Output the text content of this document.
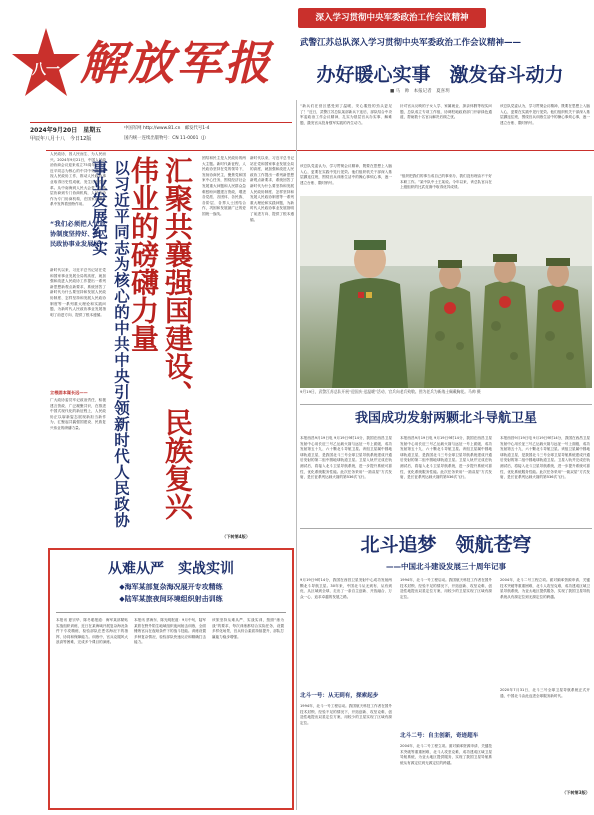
八一 解放军报
2024年9月20日　星期五
甲辰年八月十八　今日12版
中国军网 http://www.81.cn　邮发代号1-4
国内统一连续出版物号：CN 11-0001（J）
深入学习贯彻中央军委政治工作会议精神
武警江苏总队深入学习贯彻中央军委政治工作会议精神——
办好暖心实事　激发奋斗动力
■ 马　帅　本报记者　夏喜玥
人民政协，因人民而生、为人民而兴。2024年9月21日，中国人民政治协商会议迎来成立75周年，以习近平同志为核心的中共中央高度重视人民政协工作，推动人民政协事业取得历史性成就、发生历史性变革。从中南海到人民大会堂，从基层协商到专门协商机构，人民政协作为专门协商机构，在国家治理体系中发挥着独特作用。
“我们必须把人民政协制度坚持好、把人民政协事业发展好”
新时代以来，习近平总书记站在党和国家事业发展全局的高度，就加强和改进人民政协工作提出一系列新思想新观点新要求，系统回答了新时代为什么要坚持和发展人民政协制度、怎样坚持和发展人民政协制度等一系列重大理论和实践问题，为新时代人民政协事业发展指明了前进方向、提供了根本遵循。
立根固本谋长远——
广大政协委员牢记政治责任，积极建言资政、广泛凝聚共识，在推进中国式现代化的新征程上，人民政协正以崭新姿态展现新担当新作为，汇聚起共襄强国建设、民族复兴伟业的磅礴力量。	以习近平同志为核心的中共中央引领新时代人民政协事业发展纪实	汇聚共襄强国建设、民族复兴伟业的磅礴力量	团结和民主是人民政协的两大主题。新时代新征程，人民政协坚持在党的领导下，发扬协商民主，聚焦党和国家中心任务，围绕经济社会发展重大问题和人民群众急难愁盼问题建言资政，增进各党派、各团体、各民族、各阶层、各界人士团结合作，巩固和发展最广泛的爱国统一战线。
新时代以来，习近平总书记站在党和国家事业发展全局的高度，就加强和改进人民政协工作提出一系列新思想新观点新要求，系统回答了新时代为什么要坚持和发展人民政协制度、怎样坚持和发展人民政协制度等一系列重大理论和实践问题，为新时代人民政协事业发展指明了前进方向、提供了根本遵循。
（下转第4版）
“新兵们在营区感受到了温暖，安心服役的劲头更足了！”近日，武警江苏总队某部新兵下连后，部队结合中央军委政治工作会议精神，扎实为基层官兵办实事、解难题，激发官兵投身强军实践的内生动力。
该总队党委认为，学习贯彻会议精神，既要在思想上入脑入心，更要在实践中见行见效。他们组织机关干部深入基层蹲连住班，围绕官兵训练生活中的操心事烦心事，逐一建立台账、限时销号。
针对官兵反映的子女入学、家属就业、探亲休假等现实问题，总队成立专项工作组，协调驻地政府部门开辟绿色通道，帮助数十名官兵解决后顾之忧。
“组织把我们的事当成自己的事来办，我们没有理由不干好本职工作。”某中队中士王某说。今年以来，该总队官兵在上级组织的比武竞赛中取得优异成绩。
该总队党委认为，学习贯彻会议精神，既要在思想上入脑入心，更要在实践中见行见效。他们组织机关干部深入基层蹲连住班，围绕官兵训练生活中的操心事烦心事，逐一建立台账、限时销号。
9月19日，武警江苏总队开展“迎国庆·送温暖”活动，官兵向老兵致敬。图为老兵为新战士佩戴胸花。马帅 摄
我国成功发射两颗北斗导航卫星
本报西昌9月19日电 9月19日9时14分，我国在西昌卫星发射中心用长征三号乙运载火箭与远征一号上面级，成功发射第五十九、六十颗北斗导航卫星。该组卫星属中圆地球轨道卫星，是我国北斗三号全球卫星导航系统建成开通后发射的第二组中圆地球轨道卫星。卫星入轨并完成在轨测试后，将接入北斗卫星导航系统，进一步提升系统可靠性，优化系统服务性能。此次任务采用“一箭双星”方式发射，是长征系列运载火箭的第536次飞行。
本报西昌9月19日电 9月19日9时14分，我国在西昌卫星发射中心用长征三号乙运载火箭与远征一号上面级，成功发射第五十九、六十颗北斗导航卫星。该组卫星属中圆地球轨道卫星，是我国北斗三号全球卫星导航系统建成开通后发射的第二组中圆地球轨道卫星。卫星入轨并完成在轨测试后，将接入北斗卫星导航系统，进一步提升系统可靠性，优化系统服务性能。此次任务采用“一箭双星”方式发射，是长征系列运载火箭的第536次飞行。
本报西昌9月19日电 9月19日9时14分，我国在西昌卫星发射中心用长征三号乙运载火箭与远征一号上面级，成功发射第五十九、六十颗北斗导航卫星。该组卫星属中圆地球轨道卫星，是我国北斗三号全球卫星导航系统建成开通后发射的第二组中圆地球轨道卫星。卫星入轨并完成在轨测试后，将接入北斗卫星导航系统，进一步提升系统可靠性，优化系统服务性能。此次任务采用“一箭双星”方式发射，是长征系列运载火箭的第536次飞行。
北斗追梦　领航苍穹
——中国北斗建设发展三十周年记事
9月19日9时14分，我国在西昌卫星发射中心成功发射两颗北斗导航卫星。30年来，中国北斗从无到有、从有到优、从区域到全球，走出了一条自主创新、开放融合、万众一心、追求卓越的发展之路。
北斗一号：从无到有，探索起步
1994年，北斗一号工程启动。我国航天科技工作者在国外技术封锁、经验不足的情况下，开拓创新、攻坚克难，创造性地提出双星定位方案，用较少的卫星实现了区域有源定位。
1994年，北斗一号工程启动。我国航天科技工作者在国外技术封锁、经验不足的情况下，开拓创新、攻坚克难，创造性地提出双星定位方案，用较少的卫星实现了区域有源定位。
北斗二号：自主创新，奇迹超车
2004年，北斗二号工程立项。面对频率资源申请、关键技术突破等重重困难，北斗人攻坚克难，成功建成区域卫星导航系统，为亚太地区提供服务，实现了我国卫星导航系统从有源定位到无源定位的跨越。
2004年，北斗二号工程立项。面对频率资源申请、关键技术突破等重重困难，北斗人攻坚克难，成功建成区域卫星导航系统，为亚太地区提供服务，实现了我国卫星导航系统从有源定位到无源定位的跨越。
2020年7月31日，北斗三号全球卫星导航系统正式开通，中国北斗由此迈进全球服务新时代。
（下转第3版）
从难从严　实战实训
◆海军某部复杂海况展开专攻精练
◆陆军某旅夜间环境组织射击训练
本报讯 夏宗华、陈冬聪报道：海军某部紧贴实战组织训练，近日在某海域开展复杂海况条件下专攻精练，检验部队在恶劣海况下的指挥、协同和保障能力。训练中，官兵克服风大浪高等困难，完成多个课目的演练。
本报讯 蔡海东、陈光明报道：9月中旬，陆军某旅在野外陌生地域组织夜间射击训练，全面锤炼官兵在夜暗条件下的战斗技能。训练设置多种复杂情况，检验部队快速反应和精确打击能力。
该旅坚持从难从严、实战实训，按照“练为战”的要求，每次训练都结合实际任务，设置多样化场景，官兵综合素质持续提升，部队打赢能力稳步增强。
